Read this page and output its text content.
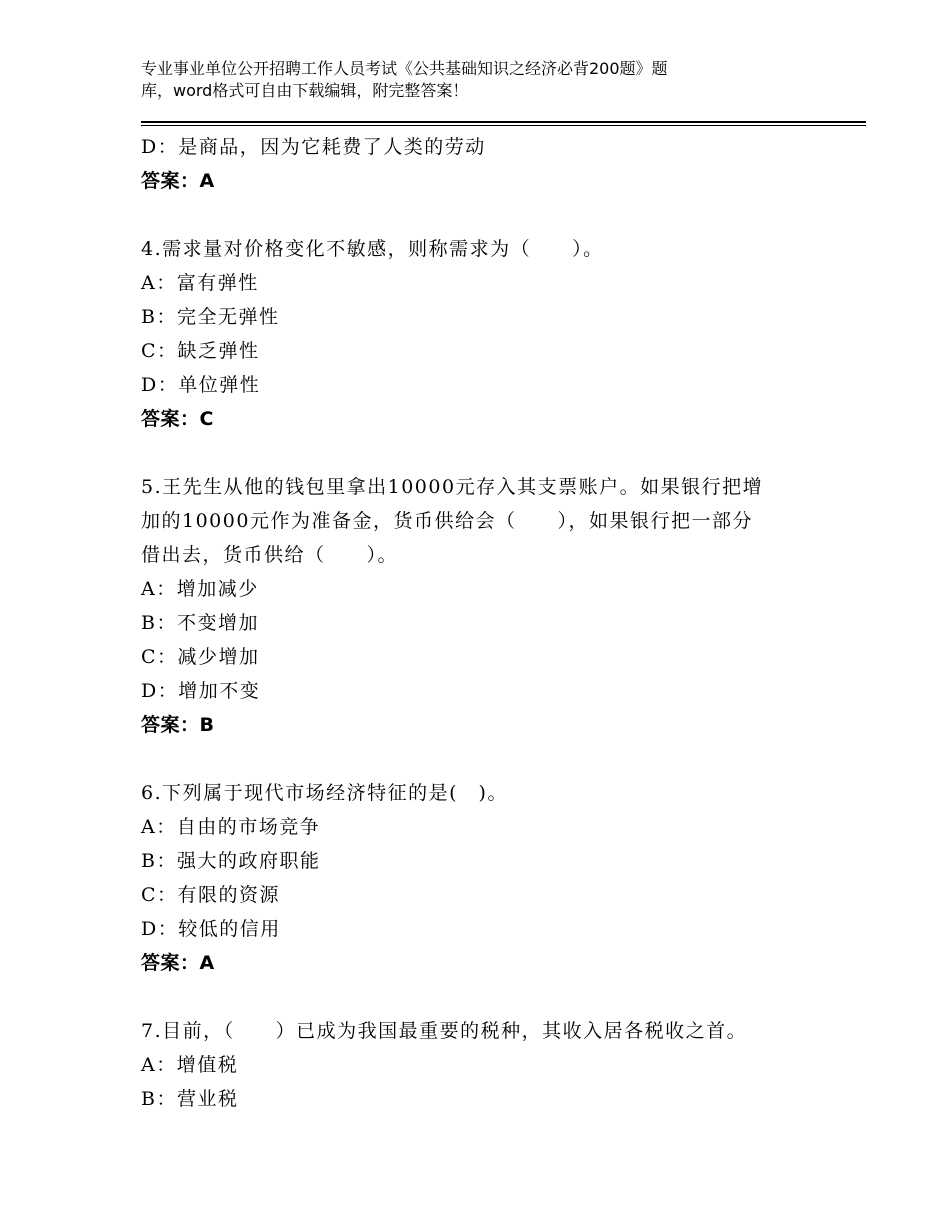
专业事业单位公开招聘工作人员考试《公共基础知识之经济必背200题》题
库，word格式可自由下载编辑，附完整答案！
D：是商品，因为它耗费了人类的劳动
答案：A
4.需求量对价格变化不敏感，则称需求为（　　）。
A：富有弹性
B：完全无弹性
C：缺乏弹性
D：单位弹性
答案：C
5.王先生从他的钱包里拿出10000元存入其支票账户。如果银行把增
加的10000元作为准备金，货币供给会（　　），如果银行把一部分
借出去，货币供给（　　）。
A：增加减少
B：不变增加
C：减少增加
D：增加不变
答案：B
6.下列属于现代市场经济特征的是(　)。
A：自由的市场竞争
B：强大的政府职能
C：有限的资源
D：较低的信用
答案：A
7.目前，（　　）已成为我国最重要的税种，其收入居各税收之首。
A：增值税
B：营业税
